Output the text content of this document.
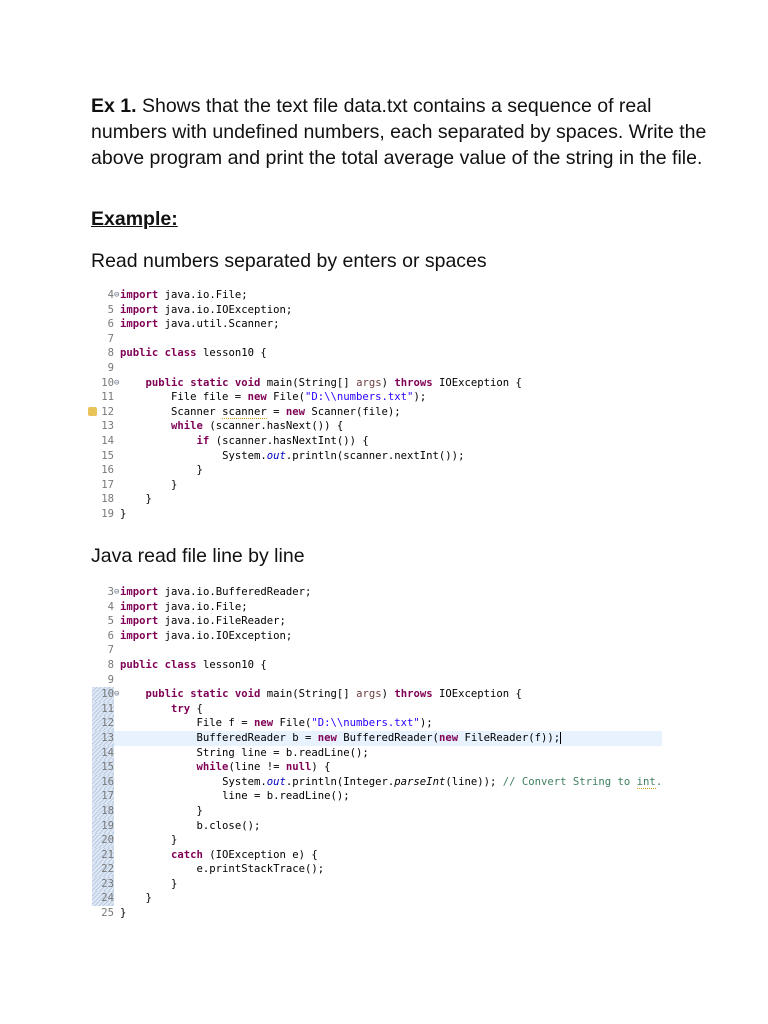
Ex 1. Shows that the text file data.txt contains a sequence of real numbers with undefined numbers, each separated by spaces. Write the above program and print the total average value of the string in the file.

Example:

Read numbers separated by enters or spaces

4 ⊖ import java.io.File;
5 import java.io.IOException;
6 import java.util.Scanner;
7
8 public class lesson10 {
9
10 ⊖ public static void main(String[] args) throws IOException {
11	File file = new File("D:\\numbers.txt");
12	Scanner scanner = new Scanner(file);
13	while (scanner.hasNext()) {
14	if (scanner.hasNextInt()) {
15	System.out.println(scanner.nextInt());
16	}
17	}
18	}
19 }

Java read file line by line

3 ⊖ import java.io.BufferedReader;
4 import java.io.File;
5 import java.io.FileReader;
6 import java.io.IOException;
7
8 public class lesson10 {
9
10 ⊖ public static void main(String[] args) throws IOException {
11	try {
12	File f = new File("D:\\numbers.txt");
13	BufferedReader b = new BufferedReader(new FileReader(f));
14	String line = b.readLine();
15	while(line != null) {
16	System.out.println(Integer.parseInt(line)); // Convert String to int.
17	line = b.readLine();
18	}
19	b.close();
20	}
21	catch (IOException e) {
22	e.printStackTrace();
23	}
24	}
25 }
